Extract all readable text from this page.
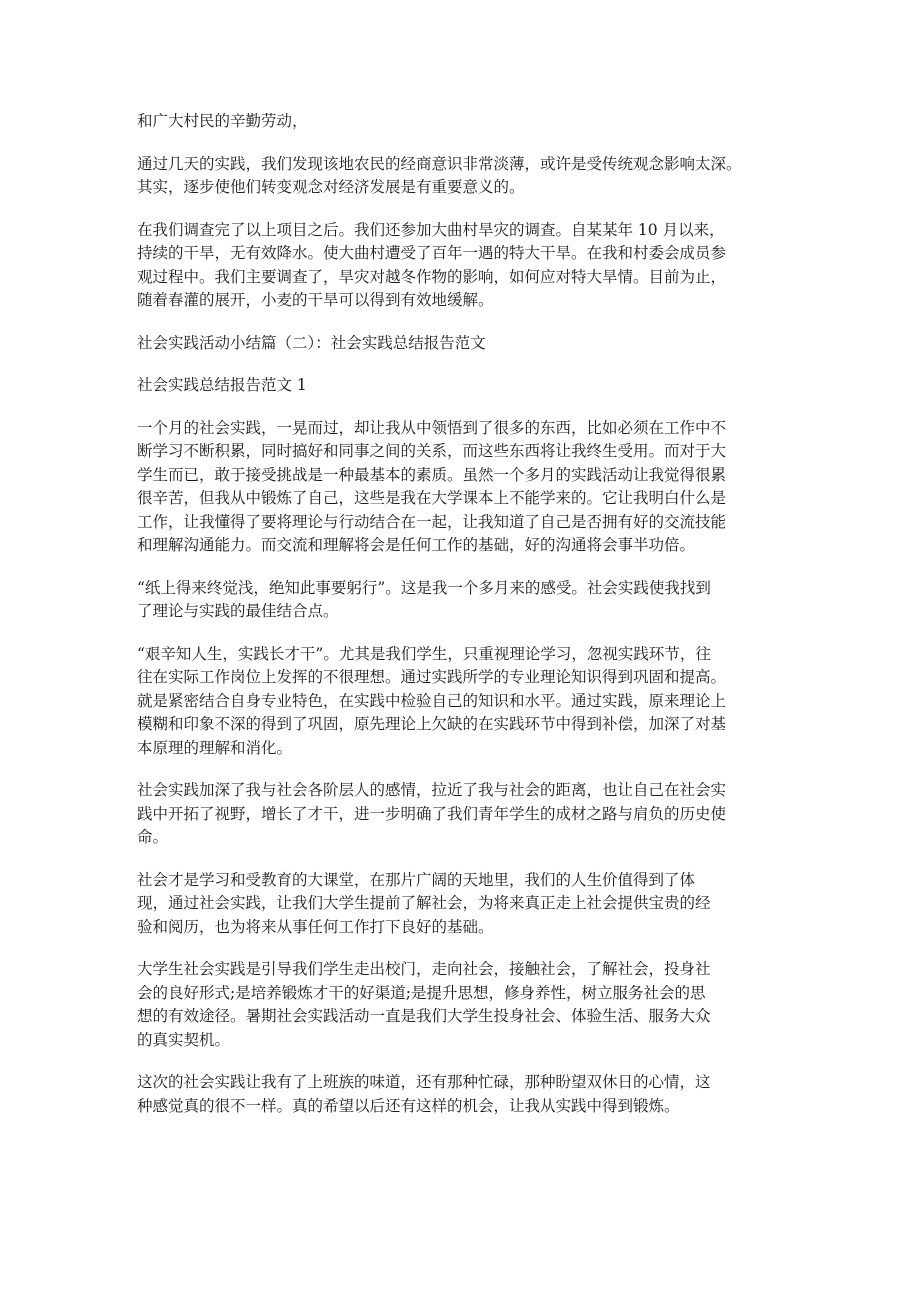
和广大村民的辛勤劳动，

通过几天的实践，我们发现该地农民的经商意识非常淡薄，或许是受传统观念影响太深。
其实，逐步使他们转变观念对经济发展是有重要意义的。

在我们调查完了以上项目之后。我们还参加大曲村旱灾的调查。自某某年 10 月以来，
持续的干旱，无有效降水。使大曲村遭受了百年一遇的特大干旱。在我和村委会成员参
观过程中。我们主要调查了，旱灾对越冬作物的影响，如何应对特大旱情。目前为止，
随着春灌的展开，小麦的干旱可以得到有效地缓解。

社会实践活动小结篇（二）：社会实践总结报告范文

社会实践总结报告范文 1

一个月的社会实践，一晃而过，却让我从中领悟到了很多的东西，比如必须在工作中不
断学习不断积累，同时搞好和同事之间的关系，而这些东西将让我终生受用。而对于大
学生而已，敢于接受挑战是一种最基本的素质。虽然一个多月的实践活动让我觉得很累
很辛苦，但我从中锻炼了自己，这些是我在大学课本上不能学来的。它让我明白什么是
工作，让我懂得了要将理论与行动结合在一起，让我知道了自己是否拥有好的交流技能
和理解沟通能力。而交流和理解将会是任何工作的基础，好的沟通将会事半功倍。

“纸上得来终觉浅，绝知此事要躬行”。这是我一个多月来的感受。社会实践使我找到
了理论与实践的最佳结合点。

“艰辛知人生，实践长才干”。尤其是我们学生，只重视理论学习，忽视实践环节，往
往在实际工作岗位上发挥的不很理想。通过实践所学的专业理论知识得到巩固和提高。
就是紧密结合自身专业特色，在实践中检验自己的知识和水平。通过实践，原来理论上
模糊和印象不深的得到了巩固，原先理论上欠缺的在实践环节中得到补偿，加深了对基
本原理的理解和消化。

社会实践加深了我与社会各阶层人的感情，拉近了我与社会的距离，也让自己在社会实
践中开拓了视野，增长了才干，进一步明确了我们青年学生的成材之路与肩负的历史使
命。

社会才是学习和受教育的大课堂，在那片广阔的天地里，我们的人生价值得到了体
现，通过社会实践，让我们大学生提前了解社会，为将来真正走上社会提供宝贵的经
验和阅历，也为将来从事任何工作打下良好的基础。

大学生社会实践是引导我们学生走出校门，走向社会，接触社会，了解社会，投身社
会的良好形式;是培养锻炼才干的好渠道;是提升思想，修身养性，树立服务社会的思
想的有效途径。暑期社会实践活动一直是我们大学生投身社会、体验生活、服务大众
的真实契机。

这次的社会实践让我有了上班族的味道，还有那种忙碌，那种盼望双休日的心情，这
种感觉真的很不一样。真的希望以后还有这样的机会，让我从实践中得到锻炼。
